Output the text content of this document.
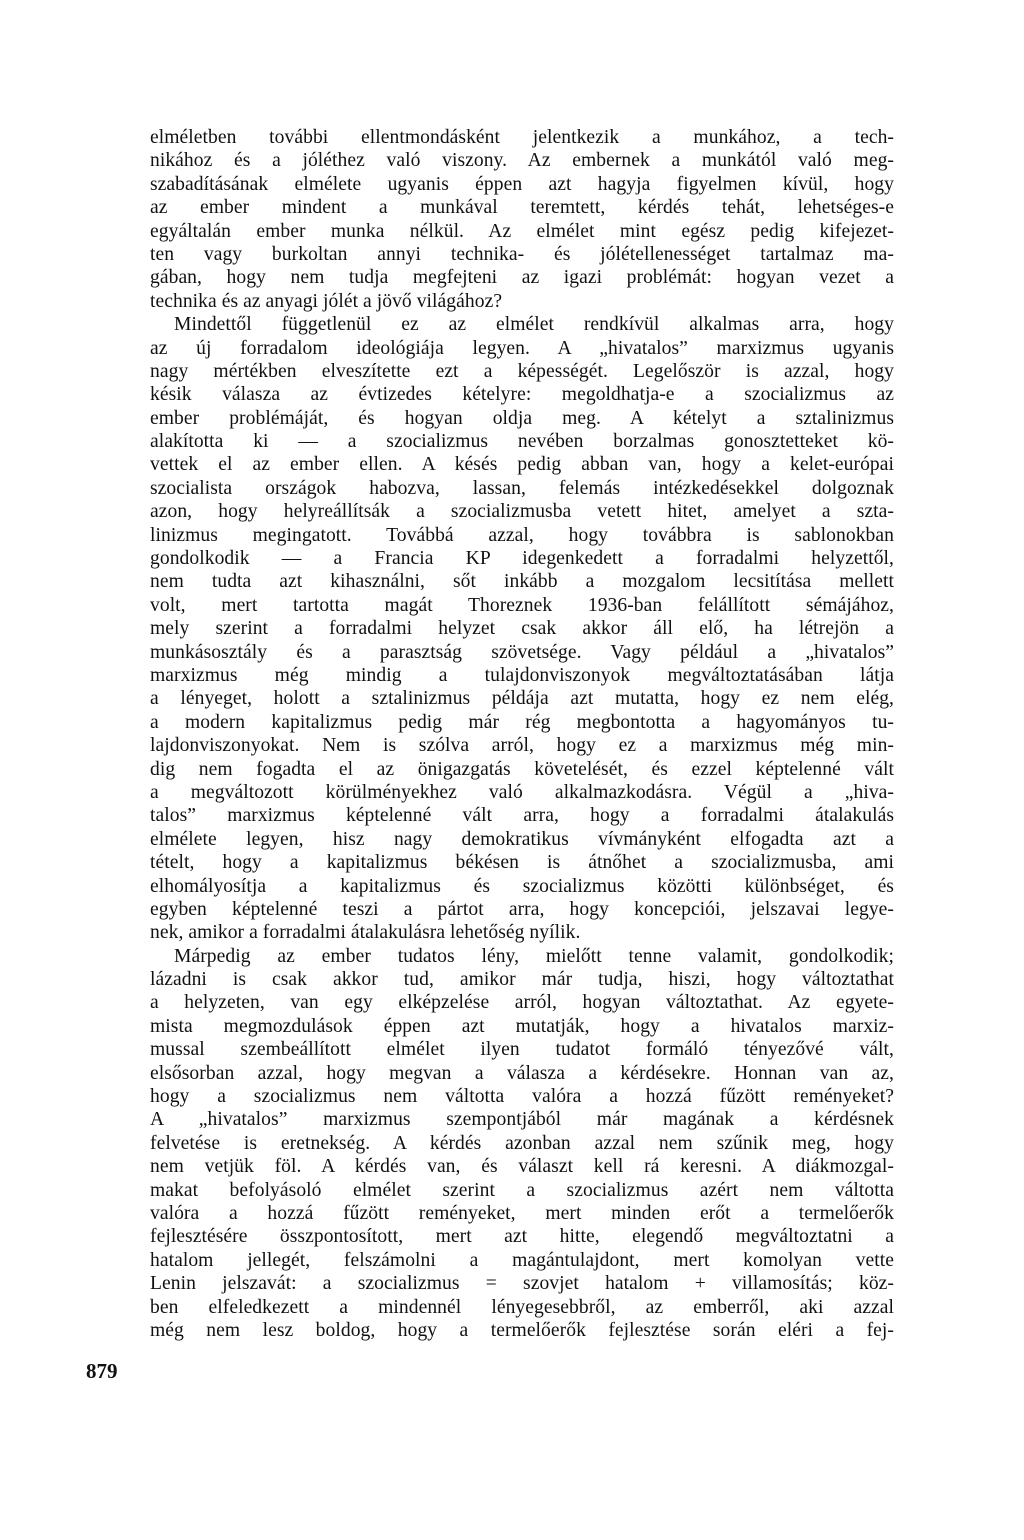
elméletben további ellentmondásként jelentkezik a munkához, a tech-
nikához és a jóléthez való viszony. Az embernek a munkától való meg-
szabadításának elmélete ugyanis éppen azt hagyja figyelmen kívül, hogy
az ember mindent a munkával teremtett, kérdés tehát, lehetséges-e
egyáltalán ember munka nélkül. Az elmélet mint egész pedig kifejezet-
ten vagy burkoltan annyi technika- és jólétellenességet tartalmaz ma-
gában, hogy nem tudja megfejteni az igazi problémát: hogyan vezet a
technika és az anyagi jólét a jövő világához?
Mindettől függetlenül ez az elmélet rendkívül alkalmas arra, hogy
az új forradalom ideológiája legyen. A „hivatalos” marxizmus ugyanis
nagy mértékben elveszítette ezt a képességét. Legelőször is azzal, hogy
késik válasza az évtizedes kételyre: megoldhatja-e a szocializmus az
ember problémáját, és hogyan oldja meg. A kételyt a sztalinizmus
alakította ki — a szocializmus nevében borzalmas gonosztetteket kö-
vettek el az ember ellen. A késés pedig abban van, hogy a kelet-európai
szocialista országok habozva, lassan, felemás intézkedésekkel dolgoznak
azon, hogy helyreállítsák a szocializmusba vetett hitet, amelyet a szta-
linizmus megingatott. Továbbá azzal, hogy továbbra is sablonokban
gondolkodik — a Francia KP idegenkedett a forradalmi helyzettől,
nem tudta azt kihasználni, sőt inkább a mozgalom lecsitítása mellett
volt, mert tartotta magát Thoreznek 1936-ban felállított sémájához,
mely szerint a forradalmi helyzet csak akkor áll elő, ha létrejön a
munkásosztály és a parasztság szövetsége. Vagy például a „hivatalos”
marxizmus még mindig a tulajdonviszonyok megváltoztatásában látja
a lényeget, holott a sztalinizmus példája azt mutatta, hogy ez nem elég,
a modern kapitalizmus pedig már rég megbontotta a hagyományos tu-
lajdonviszonyokat. Nem is szólva arról, hogy ez a marxizmus még min-
dig nem fogadta el az önigazgatás követelését, és ezzel képtelenné vált
a megváltozott körülményekhez való alkalmazkodásra. Végül a „hiva-
talos” marxizmus képtelenné vált arra, hogy a forradalmi átalakulás
elmélete legyen, hisz nagy demokratikus vívmányként elfogadta azt a
tételt, hogy a kapitalizmus békésen is átnőhet a szocializmusba, ami
elhomályosítja a kapitalizmus és szocializmus közötti különbséget, és
egyben képtelenné teszi a pártot arra, hogy koncepciói, jelszavai legye-
nek, amikor a forradalmi átalakulásra lehetőség nyílik.
Márpedig az ember tudatos lény, mielőtt tenne valamit, gondolkodik;
lázadni is csak akkor tud, amikor már tudja, hiszi, hogy változtathat
a helyzeten, van egy elképzelése arról, hogyan változtathat. Az egyete-
mista megmozdulások éppen azt mutatják, hogy a hivatalos marxiz-
mussal szembeállított elmélet ilyen tudatot formáló tényezővé vált,
elsősorban azzal, hogy megvan a válasza a kérdésekre. Honnan van az,
hogy a szocializmus nem váltotta valóra a hozzá fűzött reményeket?
A „hivatalos” marxizmus szempontjából már magának a kérdésnek
felvetése is eretnekség. A kérdés azonban azzal nem szűnik meg, hogy
nem vetjük föl. A kérdés van, és választ kell rá keresni. A diákmozgal-
makat befolyásoló elmélet szerint a szocializmus azért nem váltotta
valóra a hozzá fűzött reményeket, mert minden erőt a termelőerők
fejlesztésére összpontosított, mert azt hitte, elegendő megváltoztatni a
hatalom jellegét, felszámolni a magántulajdont, mert komolyan vette
Lenin jelszavát: a szocializmus = szovjet hatalom + villamosítás; köz-
ben elfeledkezett a mindennél lényegesebbről, az emberről, aki azzal
még nem lesz boldog, hogy a termelőerők fejlesztése során eléri a fej-
879
